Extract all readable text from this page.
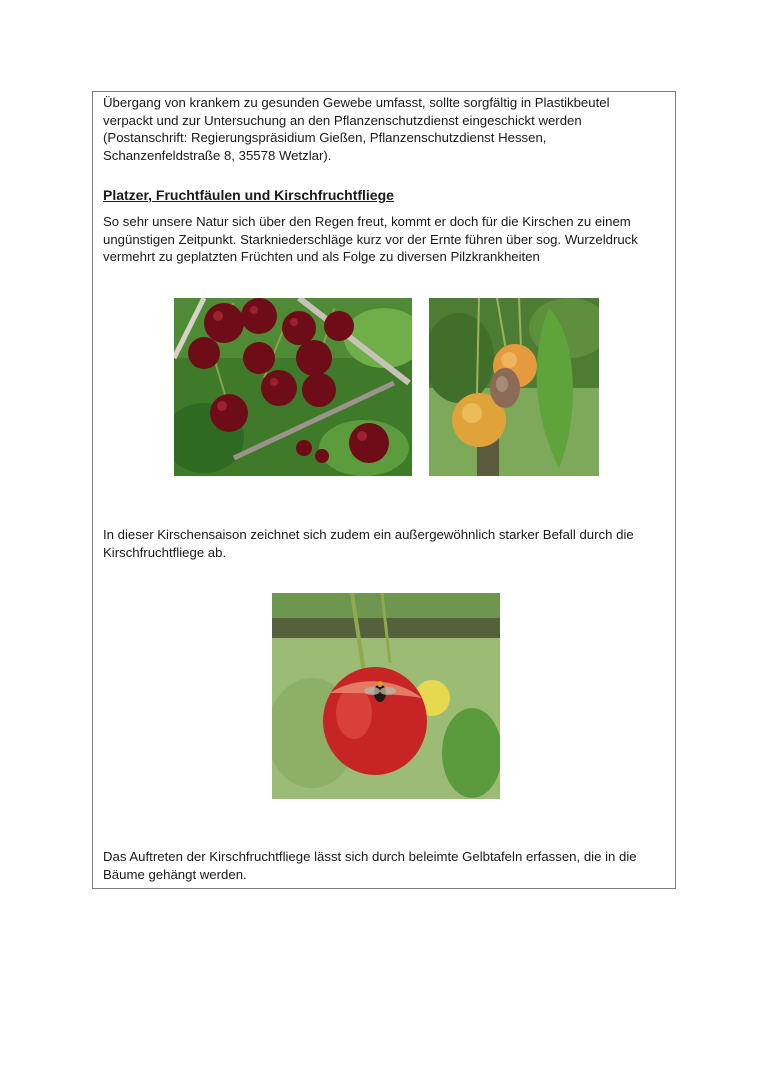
Übergang von krankem zu gesunden Gewebe umfasst, sollte sorgfältig in Plastikbeutel verpackt und zur Untersuchung an den Pflanzenschutzdienst eingeschickt werden (Postanschrift: Regierungspräsidium Gießen, Pflanzenschutzdienst Hessen, Schanzenfeldstraße 8, 35578 Wetzlar).

Platzer, Fruchtfäulen und Kirschfruchtfliege

So sehr unsere Natur sich über den Regen freut, kommt er doch für die Kirschen zu einem ungünstigen Zeitpunkt. Starkniederschläge kurz vor der Ernte führen über sog. Wurzeldruck vermehrt zu geplatzten Früchten und als Folge zu diversen Pilzkrankheiten

In dieser Kirschensaison zeichnet sich zudem ein außergewöhnlich starker Befall durch die Kirschfruchtfliege ab.

Das Auftreten der Kirschfruchtfliege lässt sich durch beleimte Gelbtafeln erfassen, die in die Bäume gehängt werden.
